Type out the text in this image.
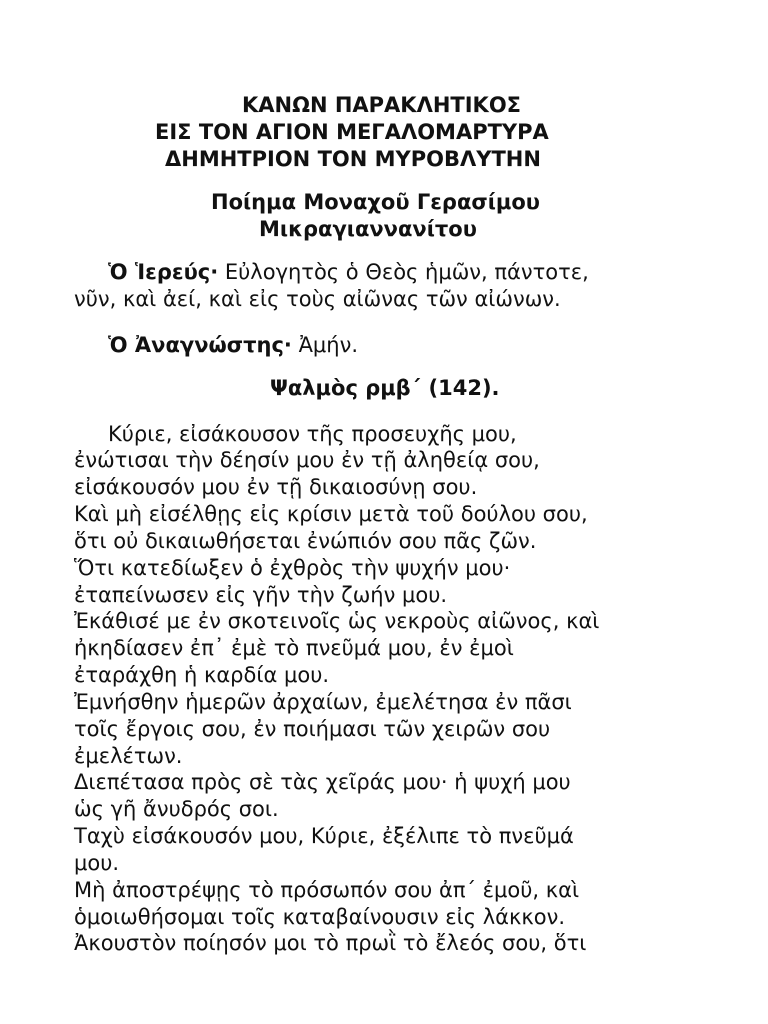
ΚΑΝΩΝ ΠΑΡΑΚΛΗΤΙΚΟΣ
ΕΙΣ ΤΟΝ ΑΓΙΟΝ ΜΕΓΑΛΟΜΑΡΤΥΡΑ
ΔΗΜΗΤΡΙΟΝ ΤΟΝ ΜΥΡΟΒΛΥΤΗΝ
Ποίημα Μοναχοῦ Γερασίμου
Μικραγιαννανίτου
Ὁ Ἱερεύς· Εὐλογητὸς ὁ Θεὸς ἡμῶν, πάντοτε,
νῦν, καὶ ἀεί, καὶ εἰς τοὺς αἰῶνας τῶν αἰώνων.
Ὁ Ἀναγνώστης· Ἀμήν.
Ψαλμὸς ρμβ´ (142).
Κύριε, εἰσάκουσον τῆς προσευχῆς μου,
ἐνώτισαι τὴν δέησίν μου ἐν τῇ ἀληθείᾳ σου,
εἰσάκουσόν μου ἐν τῇ δικαιοσύνῃ σου.
Καὶ μὴ εἰσέλθῃς εἰς κρίσιν μετὰ τοῦ δούλου σου,
ὅτι οὐ δικαιωθήσεται ἐνώπιόν σου πᾶς ζῶν.
Ὅτι κατεδίωξεν ὁ ἐχθρὸς τὴν ψυχήν μου·
ἐταπείνωσεν εἰς γῆν τὴν ζωήν μου.
Ἐκάθισέ με ἐν σκοτεινοῖς ὡς νεκροὺς αἰῶνος, καὶ
ἠκηδίασεν ἐπ᾿ ἐμὲ τὸ πνεῦμά μου, ἐν ἐμοὶ
ἐταράχθη ἡ καρδία μου.
Ἐμνήσθην ἡμερῶν ἀρχαίων, ἐμελέτησα ἐν πᾶσι
τοῖς ἔργοις σου, ἐν ποιήμασι τῶν χειρῶν σου
ἐμελέτων.
Διεπέτασα πρὸς σὲ τὰς χεῖράς μου· ἡ ψυχή μου
ὡς γῆ ἄνυδρός σοι.
Ταχὺ εἰσάκουσόν μου, Κύριε, ἐξέλιπε τὸ πνεῦμά
μου.
Μὴ ἀποστρέψῃς τὸ πρόσωπόν σου ἀπ´ ἐμοῦ, καὶ
ὁμοιωθήσομαι τοῖς καταβαίνουσιν εἰς λάκκον.
Ἀκουστὸν ποίησόν μοι τὸ πρωῒ τὸ ἔλεός σου, ὅτι
